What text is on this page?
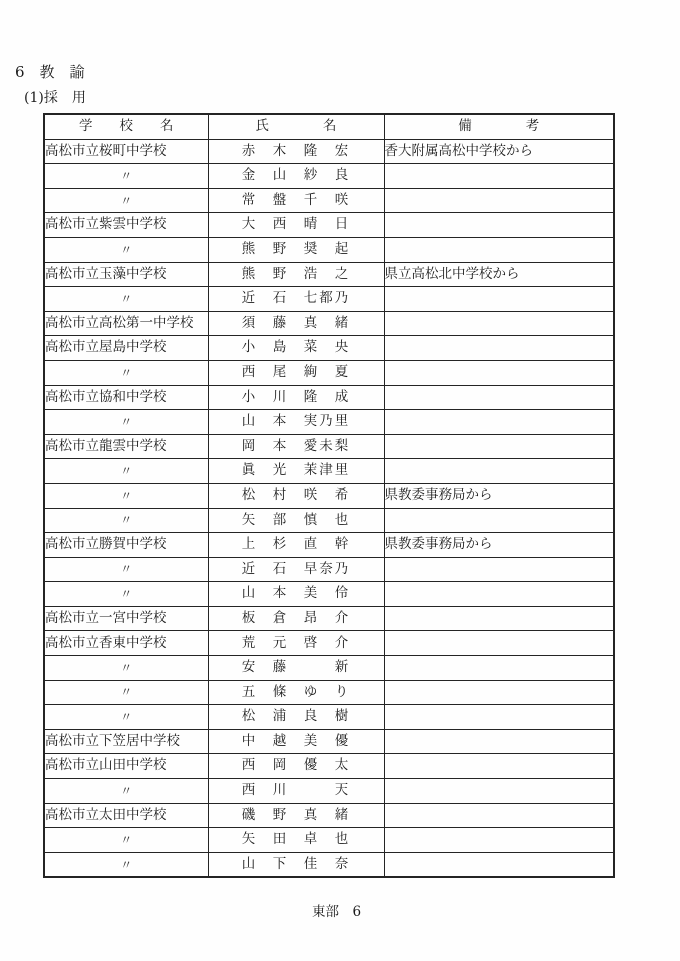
6　教　諭
(1)採　用
学　　校　　名	氏　　　　名	備　　　　考
高松市立桜町中学校	赤　木　隆　宏	香大附属高松中学校から
〃	金　山　紗　良	
〃	常　盤　千　咲	
高松市立紫雲中学校	大　西　晴　日	
〃	熊　野　奨　起	
高松市立玉藻中学校	熊　野　浩　之	県立高松北中学校から
〃	近　石　七都乃	
高松市立高松第一中学校	須　藤　真　緒	
高松市立屋島中学校	小　島　菜　央	
〃	西　尾　絢　夏	
高松市立協和中学校	小　川　隆　成	
〃	山　本　実乃里	
高松市立龍雲中学校	岡　本　愛未梨	
〃	眞　光　茉津里	
〃	松　村　咲　希	県教委事務局から
〃	矢　部　慎　也	
高松市立勝賀中学校	上　杉　直　幹	県教委事務局から
〃	近　石　早奈乃	
〃	山　本　美　伶	
高松市立一宮中学校	板　倉　昂　介	
高松市立香東中学校	荒　元　啓　介	
〃	安　藤　　　新	
〃	五　條　ゆ　り	
〃	松　浦　良　樹	
高松市立下笠居中学校	中　越　美　優	
高松市立山田中学校	西　岡　優　太	
〃	西　川　　　天	
高松市立太田中学校	磯　野　真　緒	
〃	矢　田　卓　也	
〃	山　下　佳　奈	
東部　6
